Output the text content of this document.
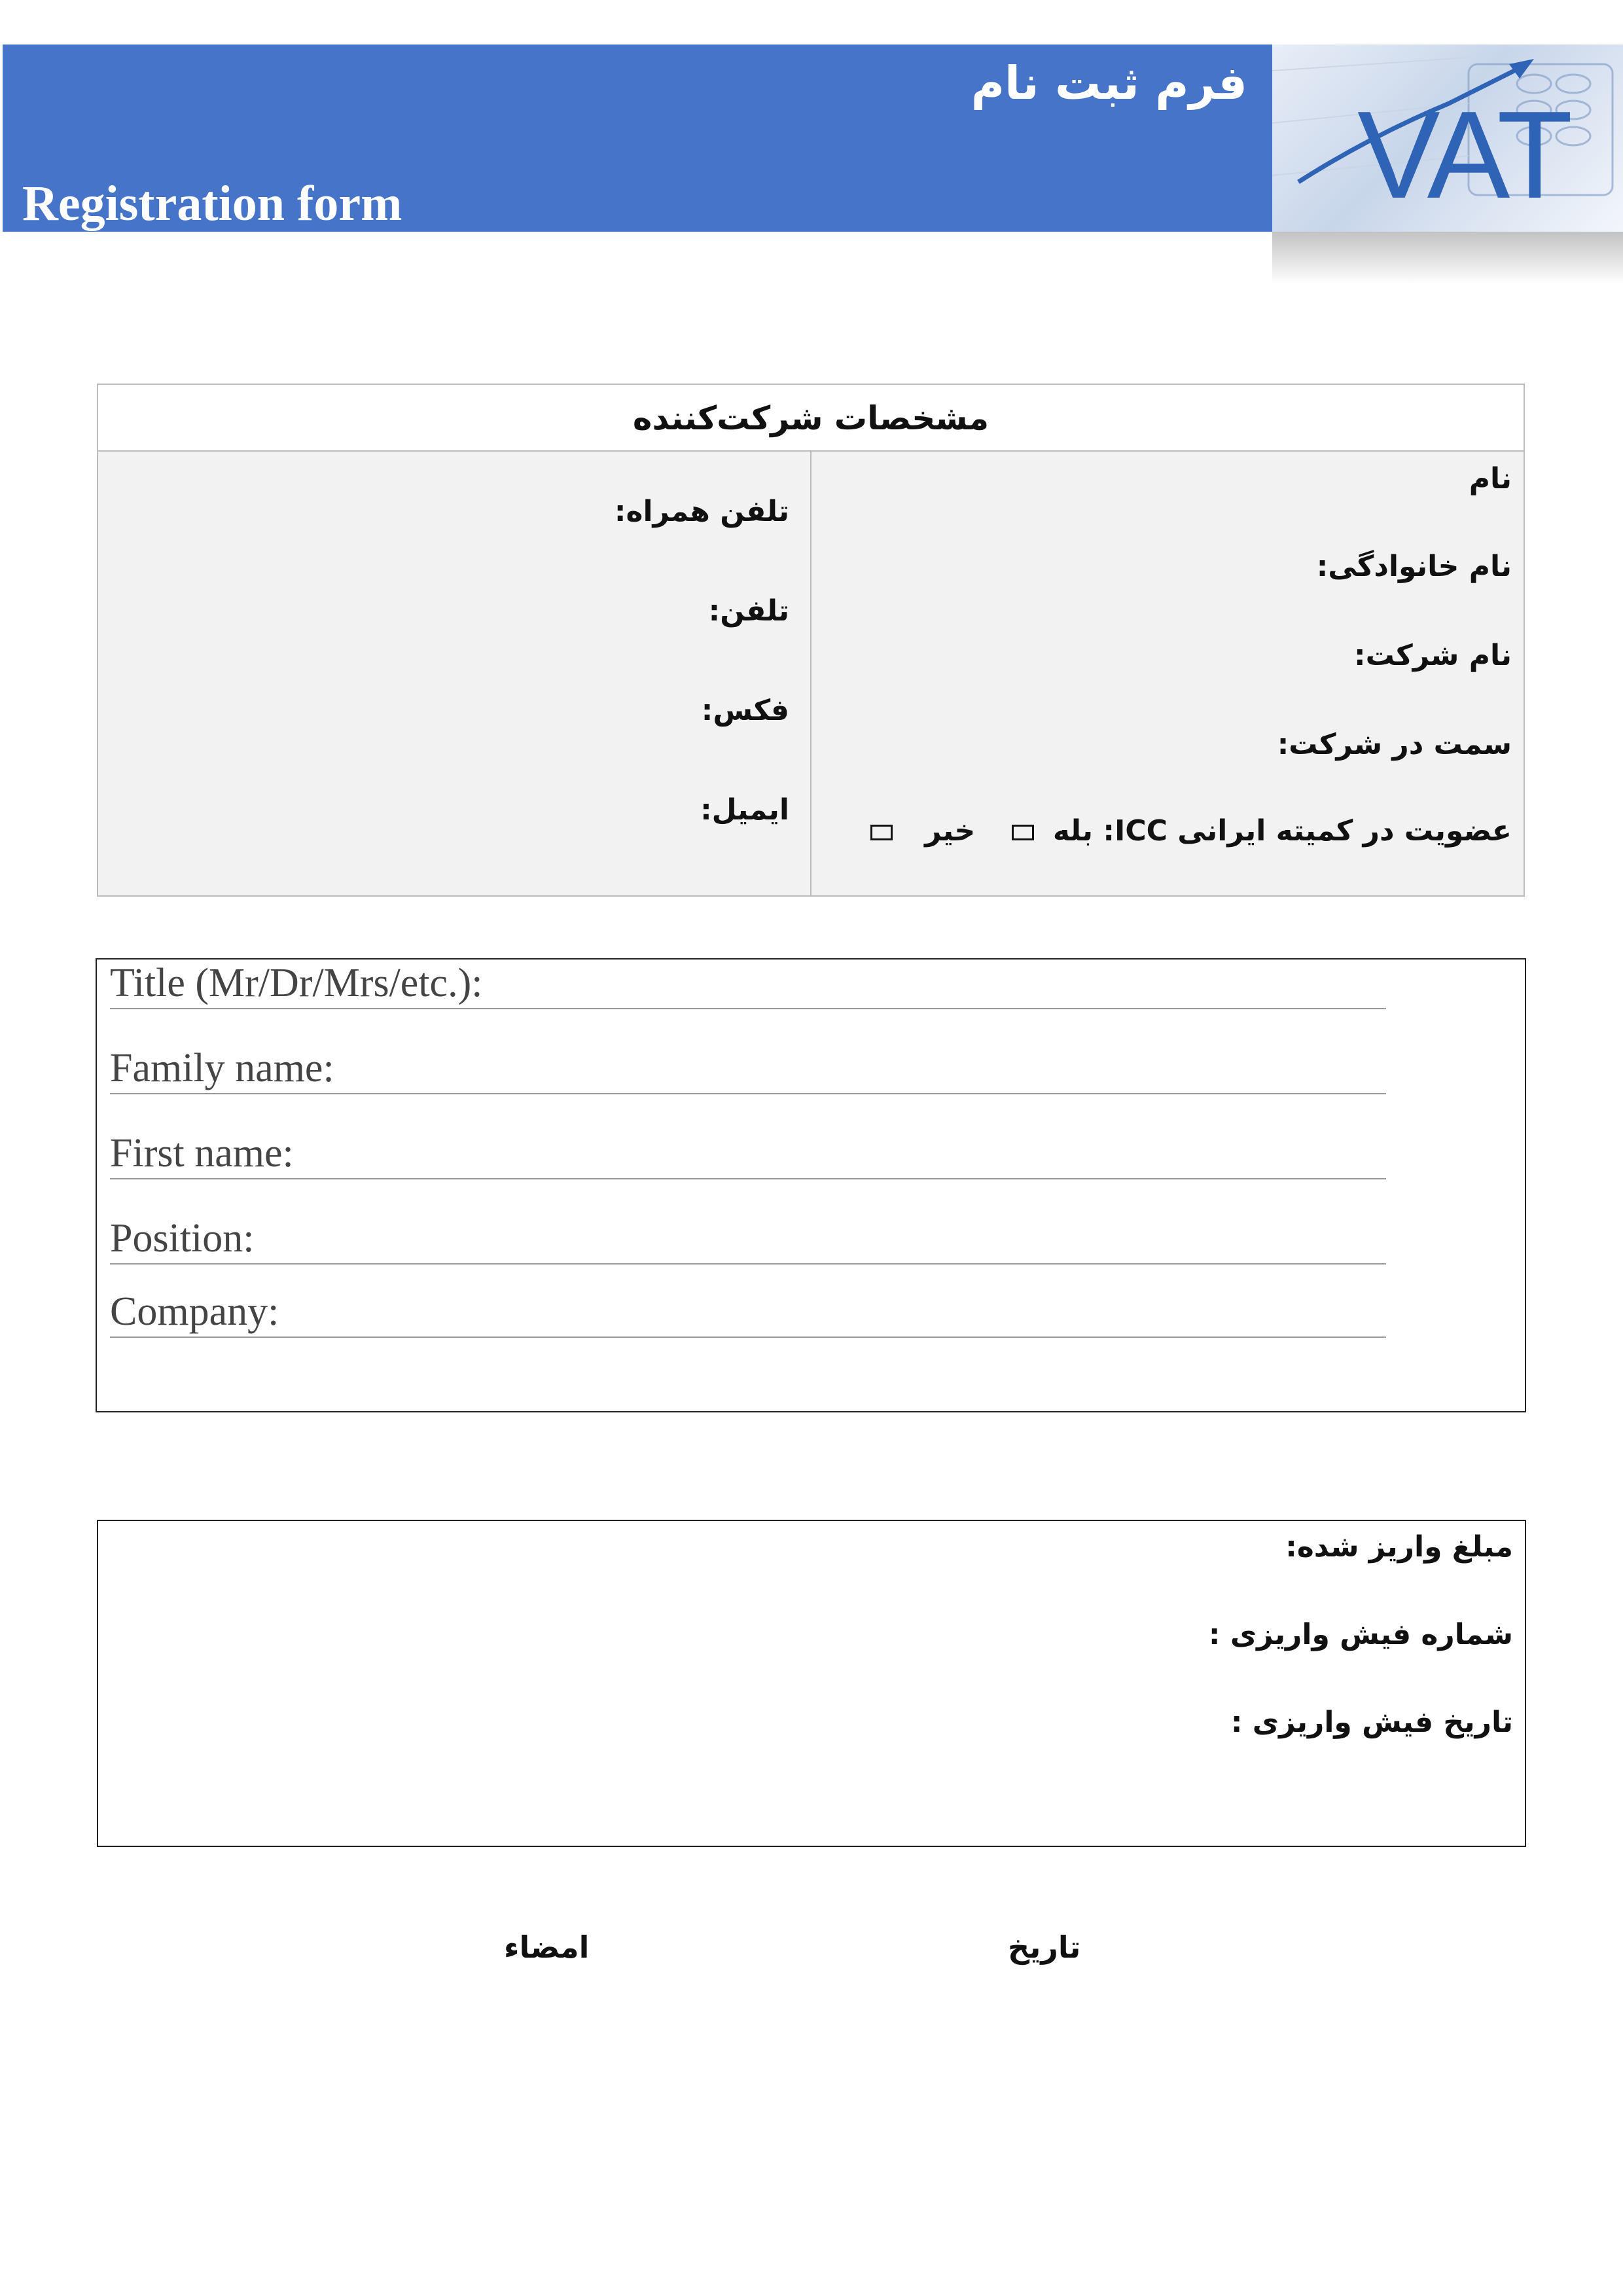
فرم ثبت نام
Registration form	VAT
مشخصات شرکت‌کننده
نام
نام خانوادگی:
نام شرکت:
سمت در شرکت:
عضویت در کمیته ایرانی ICC: بله  خیر
تلفن همراه:
تلفن:
فکس:
ایمیل:
Title (Mr/Dr/Mrs/etc.):
Family name:
First name:
Position:
Company:
مبلغ واریز شده:
شماره فیش واریزی :
تاریخ فیش واریزی :
تاریخ
امضاء
